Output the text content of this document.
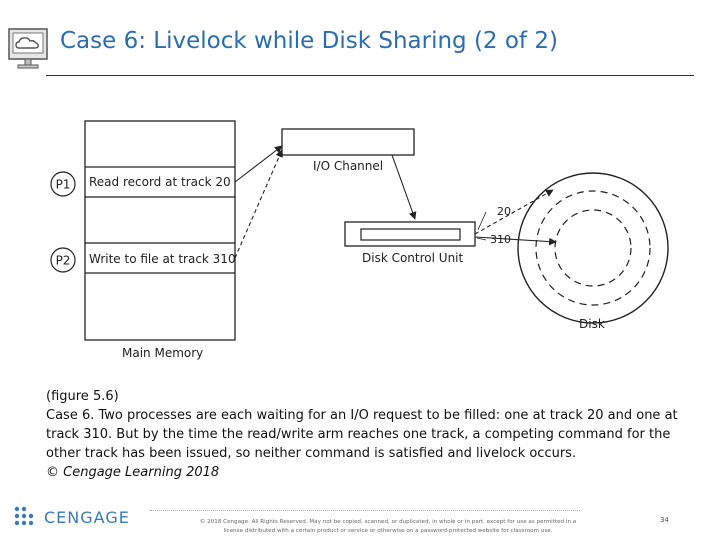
Case 6: Livelock while Disk Sharing (2 of 2)
Read record at track 20
Write to file at track 310
Main Memory
P1
P2
I/O Channel
Disk Control Unit
Disk
20
310
(figure 5.6)
Case 6. Two processes are each waiting for an I/O request to be filled: one at track 20 and one at
track 310. But by the time the read/write arm reaches one track, a competing command for the
other track has been issued, so neither command is satisfied and livelock occurs.
© Cengage Learning 2018
CENGAGE	© 2018 Cengage. All Rights Reserved. May not be copied, scanned, or duplicated, in whole or in part, except for use as permitted in a
license distributed with a certain product or service or otherwise on a password-protected website for classroom use.
34
